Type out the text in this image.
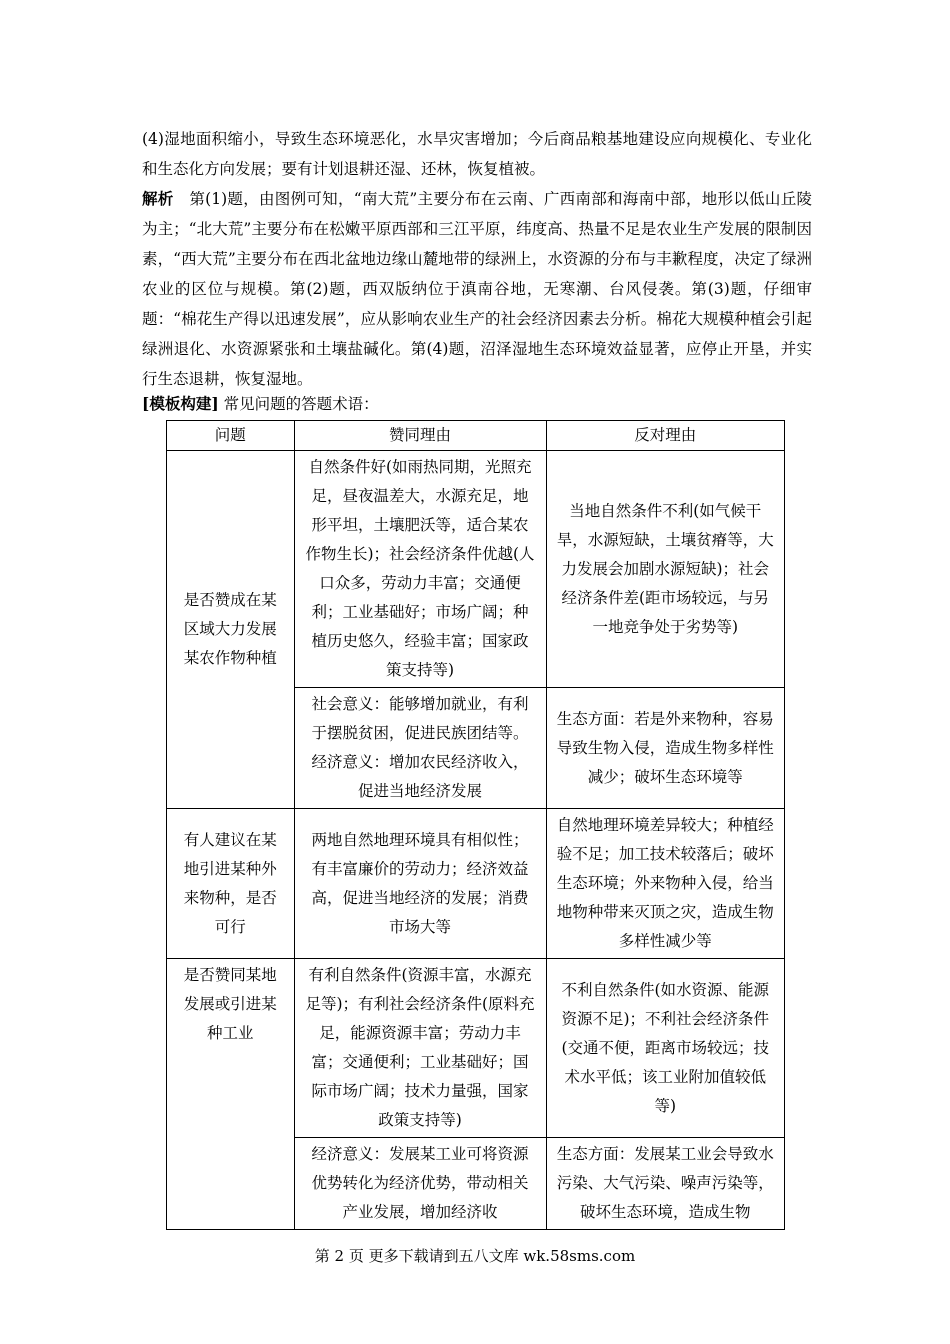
(4)湿地面积缩小，导致生态环境恶化，水旱灾害增加；今后商品粮基地建设应向规模化、专业化和生态化方向发展；要有计划退耕还湿、还林，恢复植被。
解析　第(1)题，由图例可知，“南大荒”主要分布在云南、广西南部和海南中部，地形以低山丘陵为主；“北大荒”主要分布在松嫩平原西部和三江平原，纬度高、热量不足是农业生产发展的限制因素，“西大荒”主要分布在西北盆地边缘山麓地带的绿洲上，水资源的分布与丰歉程度，决定了绿洲农业的区位与规模。第(2)题，西双版纳位于滇南谷地，无寒潮、台风侵袭。第(3)题，仔细审题：“棉花生产得以迅速发展”，应从影响农业生产的社会经济因素去分析。棉花大规模种植会引起绿洲退化、水资源紧张和土壤盐碱化。第(4)题，沼泽湿地生态环境效益显著，应停止开垦，并实行生态退耕，恢复湿地。
[模板构建] 常见问题的答题术语：
问题	赞同理由	反对理由
是否赞成在某区域大力发展某农作物种植	自然条件好(如雨热同期，光照充足，昼夜温差大，水源充足，地形平坦，土壤肥沃等，适合某农作物生长)；社会经济条件优越(人口众多，劳动力丰富；交通便利；工业基础好；市场广阔；种植历史悠久，经验丰富；国家政策支持等)	当地自然条件不利(如气候干旱，水源短缺，土壤贫瘠等，大力发展会加剧水源短缺)；社会经济条件差(距市场较远，与另一地竞争处于劣势等)
	社会意义：能够增加就业，有利于摆脱贫困，促进民族团结等。经济意义：增加农民经济收入，促进当地经济发展	生态方面：若是外来物种，容易导致生物入侵，造成生物多样性减少；破坏生态环境等
有人建议在某地引进某种外来物种，是否可行	两地自然地理环境具有相似性；有丰富廉价的劳动力；经济效益高，促进当地经济的发展；消费市场大等	自然地理环境差异较大；种植经验不足；加工技术较落后；破坏生态环境；外来物种入侵，给当地物种带来灭顶之灾，造成生物多样性减少等
是否赞同某地发展或引进某种工业	有利自然条件(资源丰富，水源充足等)；有利社会经济条件(原料充足，能源资源丰富；劳动力丰富；交通便利；工业基础好；国际市场广阔；技术力量强，国家政策支持等)	不利自然条件(如水资源、能源资源不足)；不利社会经济条件(交通不便，距离市场较远；技术水平低；该工业附加值较低等)
	经济意义：发展某工业可将资源优势转化为经济优势，带动相关产业发展，增加经济收	生态方面：发展某工业会导致水污染、大气污染、噪声污染等，破坏生态环境，造成生物
第 2 页 更多下载请到五八文库 wk.58sms.com
